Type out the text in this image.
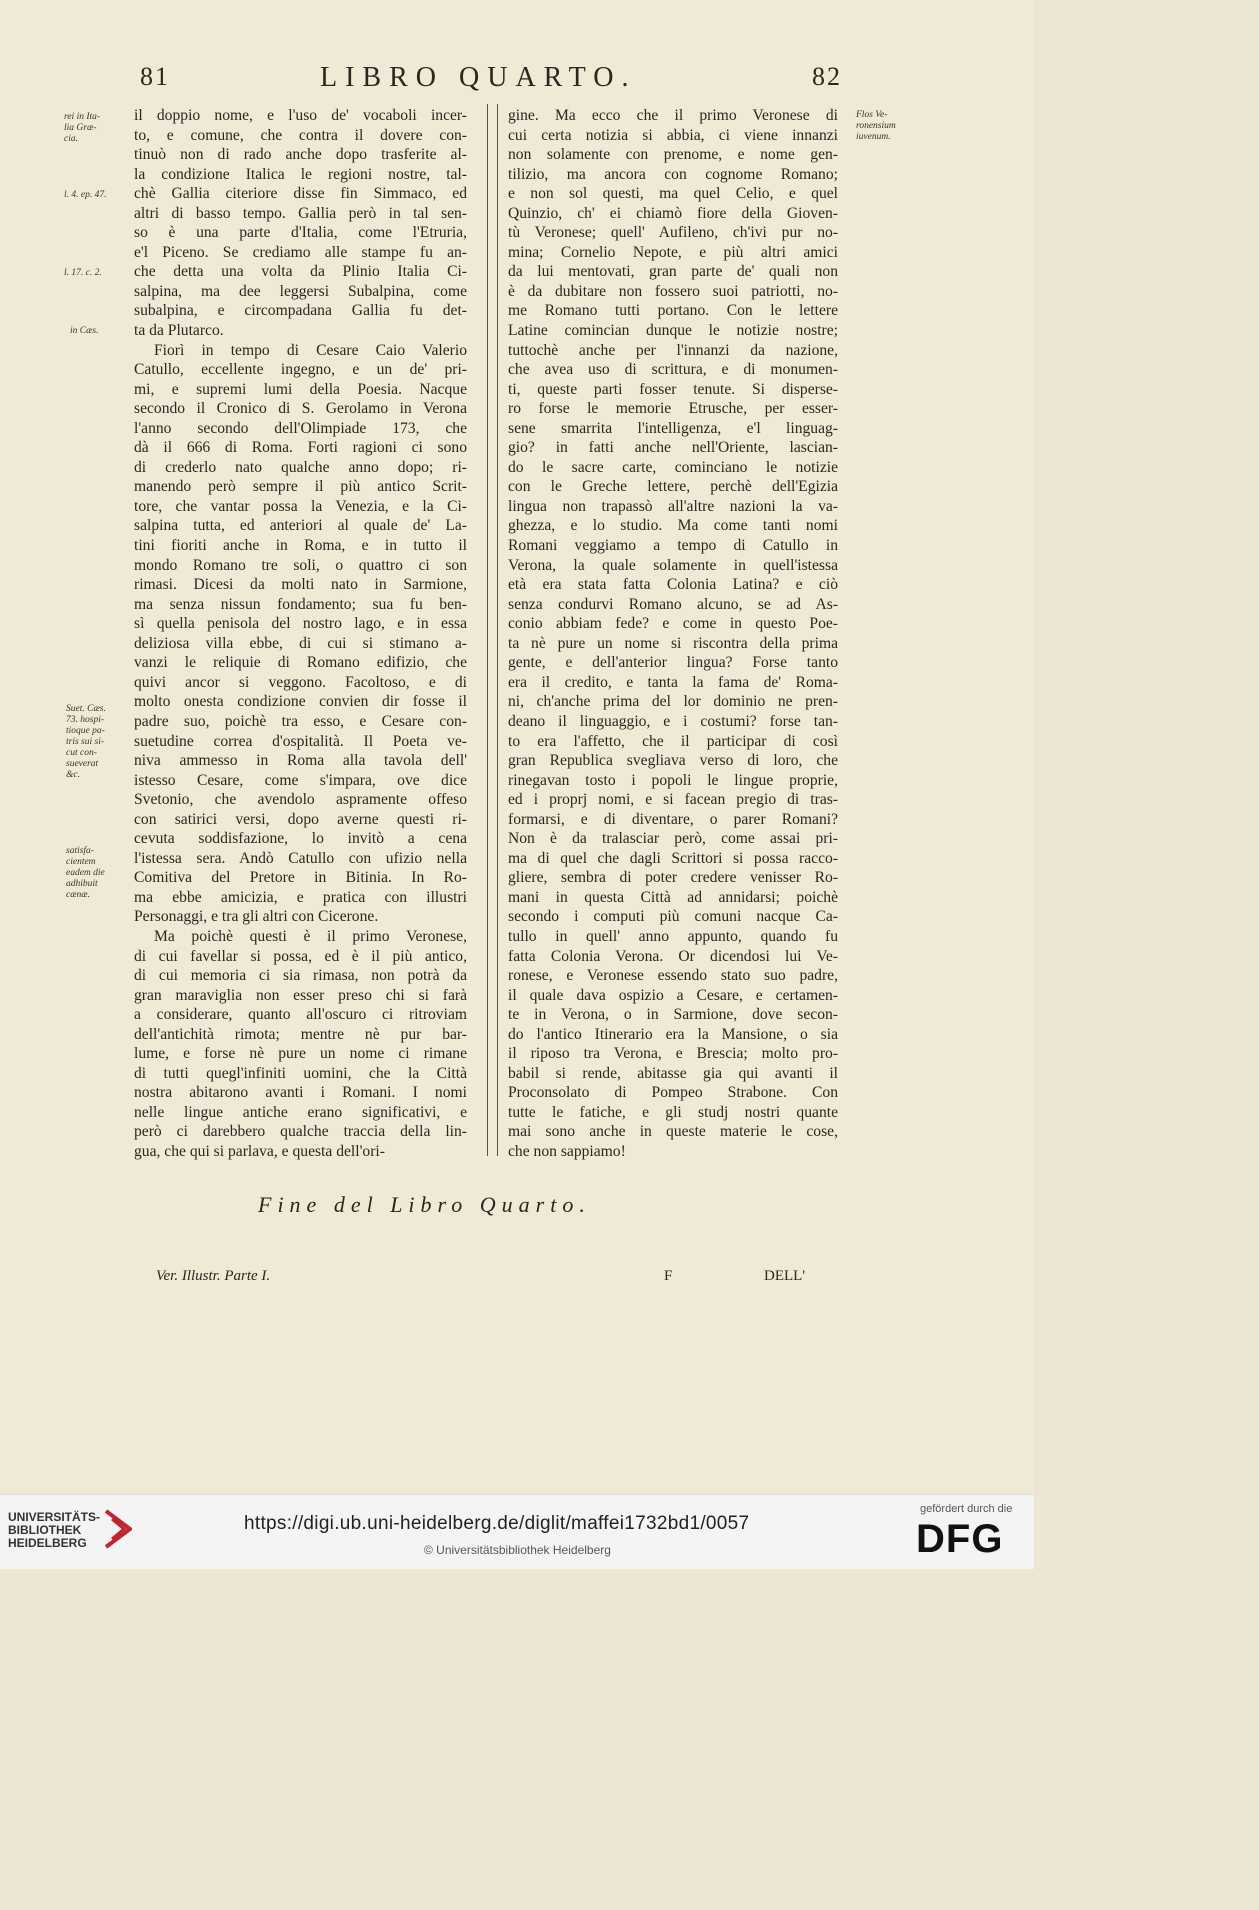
81	LIBRO QUARTO.	82
rei in Ita-
lia Græ-
cia.
l. 4. ep. 47.
l. 17. c. 2.
in Cæs.
Suet. Cæs.
73. hospi-
tioque pa-
tris sui si-
cut con-
sueverat
&c.
satisfa-
cientem
eadem die
adhibuit
cænæ.
Flos Ve-
ronensium
iuvenum.
il doppio nome, e l'uso de' vocaboli incer-
to, e comune, che contra il dovere con-
tinuò non di rado anche dopo trasferite al-
la condizione Italica le regioni nostre, tal-
chè Gallia citeriore disse fin Simmaco, ed
altri di basso tempo. Gallia però in tal sen-
so è una parte d'Italia, come l'Etruria,
e'l Piceno. Se crediamo alle stampe fu an-
che detta una volta da Plinio Italia Ci-
salpina, ma dee leggersi Subalpina, come
subalpina, e circompadana Gallia fu det-
ta da Plutarco.
Fiorì in tempo di Cesare Caio Valerio
Catullo, eccellente ingegno, e un de' pri-
mi, e supremi lumi della Poesia. Nacque
secondo il Cronico di S. Gerolamo in Verona
l'anno secondo dell'Olimpiade 173, che
dà il 666 di Roma. Forti ragioni ci sono
di crederlo nato qualche anno dopo; ri-
manendo però sempre il più antico Scrit-
tore, che vantar possa la Venezia, e la Ci-
salpina tutta, ed anteriori al quale de' La-
tini fioriti anche in Roma, e in tutto il
mondo Romano tre soli, o quattro ci son
rimasi. Dicesi da molti nato in Sarmione,
ma senza nissun fondamento; sua fu ben-
sì quella penisola del nostro lago, e in essa
deliziosa villa ebbe, di cui si stimano a-
vanzi le reliquie di Romano edifizio, che
quivi ancor si veggono. Facoltoso, e di
molto onesta condizione convien dir fosse il
padre suo, poichè tra esso, e Cesare con-
suetudine correa d'ospitalità. Il Poeta ve-
niva ammesso in Roma alla tavola dell'
istesso Cesare, come s'impara, ove dice
Svetonio, che avendolo aspramente offeso
con satirici versi, dopo averne questi ri-
cevuta soddisfazione, lo invitò a cena
l'istessa sera. Andò Catullo con ufizio nella
Comitiva del Pretore in Bitinia. In Ro-
ma ebbe amicizia, e pratica con illustri
Personaggi, e tra gli altri con Cicerone.
Ma poichè questi è il primo Veronese,
di cui favellar si possa, ed è il più antico,
di cui memoria ci sia rimasa, non potrà da
gran maraviglia non esser preso chi si farà
a considerare, quanto all'oscuro ci ritroviam
dell'antichità rimota; mentre nè pur bar-
lume, e forse nè pure un nome ci rimane
di tutti quegl'infiniti uomini, che la Città
nostra abitarono avanti i Romani. I nomi
nelle lingue antiche erano significativi, e
però ci darebbero qualche traccia della lin-
gua, che qui si parlava, e questa dell'ori-
gine. Ma ecco che il primo Veronese di
cui certa notizia si abbia, ci viene innanzi
non solamente con prenome, e nome gen-
tilizio, ma ancora con cognome Romano;
e non sol questi, ma quel Celio, e quel
Quinzio, ch' ei chiamò fiore della Gioven-
tù Veronese; quell' Aufileno, ch'ivi pur no-
mina; Cornelio Nepote, e più altri amici
da lui mentovati, gran parte de' quali non
è da dubitare non fossero suoi patriotti, no-
me Romano tutti portano. Con le lettere
Latine comincian dunque le notizie nostre;
tuttochè anche per l'innanzi da nazione,
che avea uso di scrittura, e di monumen-
ti, queste parti fosser tenute. Si disperse-
ro forse le memorie Etrusche, per esser-
sene smarrita l'intelligenza, e'l linguag-
gio? in fatti anche nell'Oriente, lascian-
do le sacre carte, cominciano le notizie
con le Greche lettere, perchè dell'Egizia
lingua non trapassò all'altre nazioni la va-
ghezza, e lo studio. Ma come tanti nomi
Romani veggiamo a tempo di Catullo in
Verona, la quale solamente in quell'istessa
età era stata fatta Colonia Latina? e ciò
senza condurvi Romano alcuno, se ad As-
conio abbiam fede? e come in questo Poe-
ta nè pure un nome si riscontra della prima
gente, e dell'anterior lingua? Forse tanto
era il credito, e tanta la fama de' Roma-
ni, ch'anche prima del lor dominio ne pren-
deano il linguaggio, e i costumi? forse tan-
to era l'affetto, che il participar di così
gran Republica svegliava verso di loro, che
rinegavan tosto i popoli le lingue proprie,
ed i proprj nomi, e si facean pregio di tras-
formarsi, e di diventare, o parer Romani?
Non è da tralasciar però, come assai pri-
ma di quel che dagli Scrittori si possa racco-
gliere, sembra di poter credere venisser Ro-
mani in questa Città ad annidarsi; poichè
secondo i computi più comuni nacque Ca-
tullo in quell' anno appunto, quando fu
fatta Colonia Verona. Or dicendosi lui Ve-
ronese, e Veronese essendo stato suo padre,
il quale dava ospizio a Cesare, e certamen-
te in Verona, o in Sarmione, dove secon-
do l'antico Itinerario era la Mansione, o sia
il riposo tra Verona, e Brescia; molto pro-
babil si rende, abitasse gia qui avanti il
Proconsolato di Pompeo Strabone. Con
tutte le fatiche, e gli studj nostri quante
mai sono anche in queste materie le cose,
che non sappiamo!
Fine del Libro Quarto.
Ver. Illustr. Parte I.	F	DELL'
UNIVERSITÄTS-
BIBLIOTHEK
HEIDELBERG
https://digi.ub.uni-heidelberg.de/diglit/maffei1732bd1/0057
© Universitätsbibliothek Heidelberg
gefördert durch die
DFG
